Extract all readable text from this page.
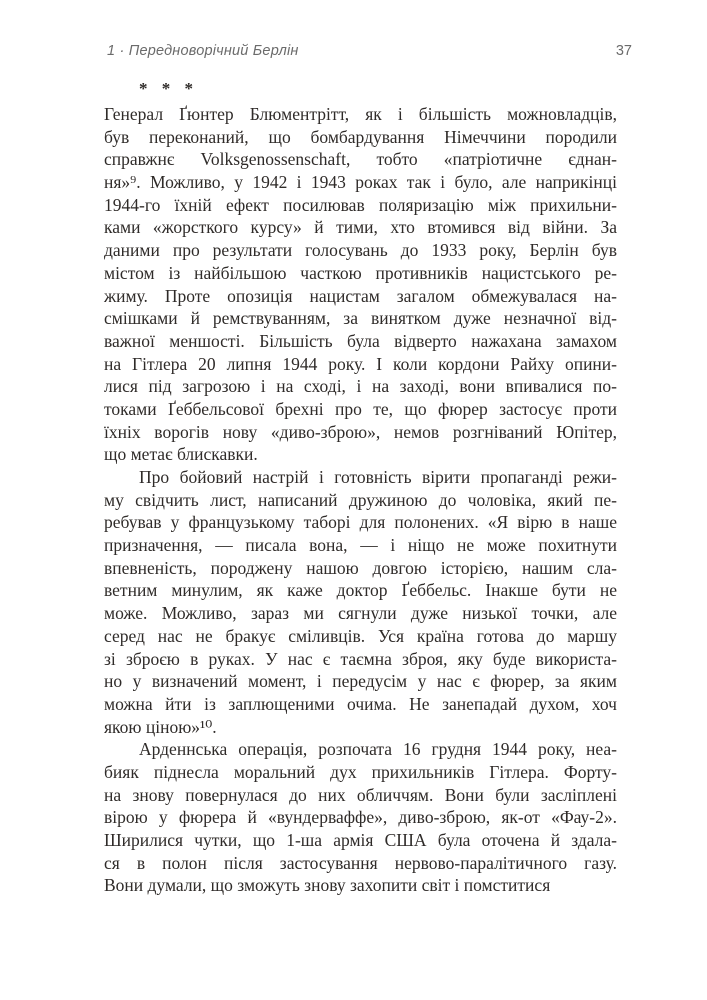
1 · Передноворічний Берлін	37
* * *
Генерал Ґюнтер Блюментрітт, як і більшість можновладців,
був переконаний, що бомбардування Німеччини породили
справжнє Volksgenossenschaft, тобто «патріотичне єднан-
ня»⁹. Можливо, у 1942 і 1943 роках так і було, але наприкінці
1944-го їхній ефект посилював поляризацію між прихильни-
ками «жорсткого курсу» й тими, хто втомився від війни. За
даними про результати голосувань до 1933 року, Берлін був
містом із найбільшою часткою противників нацистського ре-
жиму. Проте опозиція нацистам загалом обмежувалася на-
смішками й ремствуванням, за винятком дуже незначної від-
важної меншості. Більшість була відверто нажахана замахом
на Гітлера 20 липня 1944 року. І коли кордони Райху опини-
лися під загрозою і на сході, і на заході, вони впивалися по-
токами Ґеббельсової брехні про те, що фюрер застосує проти
їхніх ворогів нову «диво-зброю», немов розгніваний Юпітер,
що метає блискавки.
Про бойовий настрій і готовність вірити пропаганді режи-
му свідчить лист, написаний дружиною до чоловіка, який пе-
ребував у французькому таборі для полонених. «Я вірю в наше
призначення, — писала вона, — і ніщо не може похитнути
впевненість, породжену нашою довгою історією, нашим сла-
ветним минулим, як каже доктор Ґеббельс. Інакше бути не
може. Можливо, зараз ми сягнули дуже низької точки, але
серед нас не бракує сміливців. Уся країна готова до маршу
зі зброєю в руках. У нас є таємна зброя, яку буде використа-
но у визначений момент, і передусім у нас є фюрер, за яким
можна йти із заплющеними очима. Не занепадай духом, хоч
якою ціною»¹⁰.
Арденнська операція, розпочата 16 грудня 1944 року, неа-
бияк піднесла моральний дух прихильників Гітлера. Форту-
на знову повернулася до них обличчям. Вони були засліплені
вірою у фюрера й «вундерваффе», диво-зброю, як-от «Фау-2».
Ширилися чутки, що 1-ша армія США була оточена й здала-
ся в полон після застосування нервово-паралітичного газу.
Вони думали, що зможуть знову захопити світ і помститися
